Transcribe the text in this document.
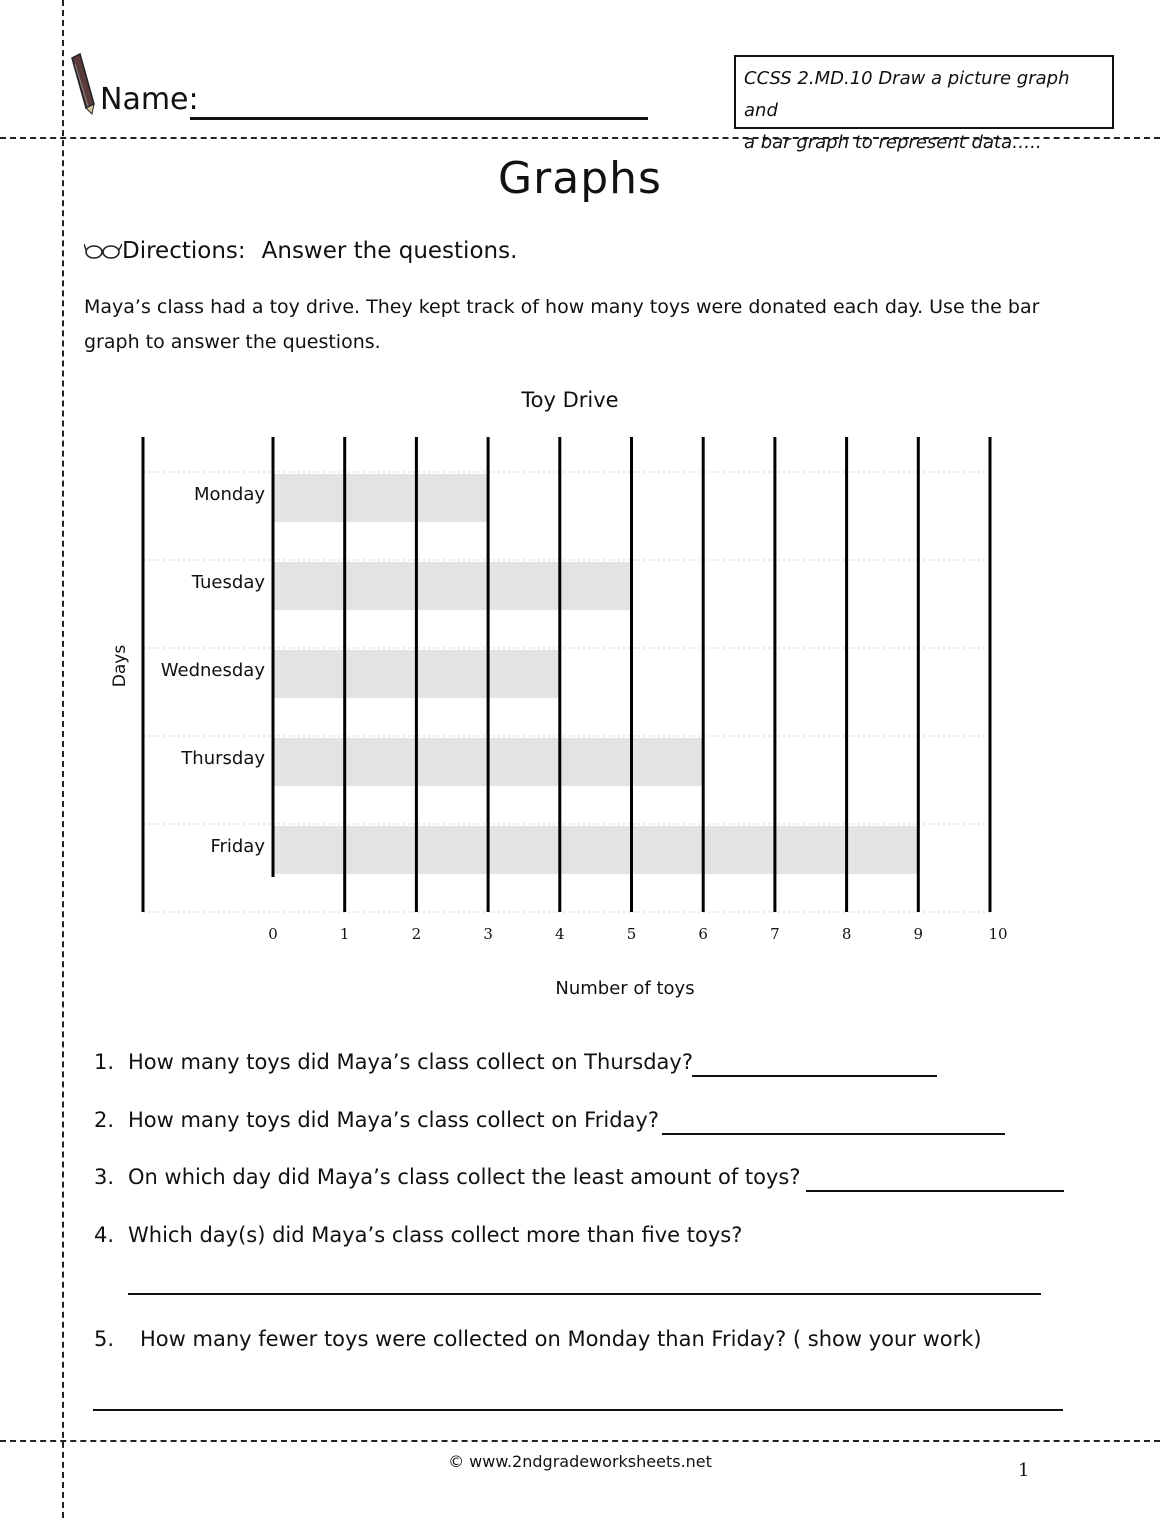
Name:
CCSS 2.MD.10 Draw a picture graph and
a bar graph to represent data…..
Graphs
Directions: Answer the questions.
Maya’s class had a toy drive. They kept track of how many toys were donated each day. Use the bar graph to answer the questions.
Toy Drive
Days
Monday
Tuesday
Wednesday
Thursday
Friday
0	1	2	3	4	5	6	7	8	9	10
Number of toys
1. How many toys did Maya’s class collect on Thursday?
2. How many toys did Maya’s class collect on Friday?
3. On which day did Maya’s class collect the least amount of toys?
4. Which day(s) did Maya’s class collect more than five toys?
5. How many fewer toys were collected on Monday than Friday? ( show your work)
© www.2ndgradeworksheets.net	1
